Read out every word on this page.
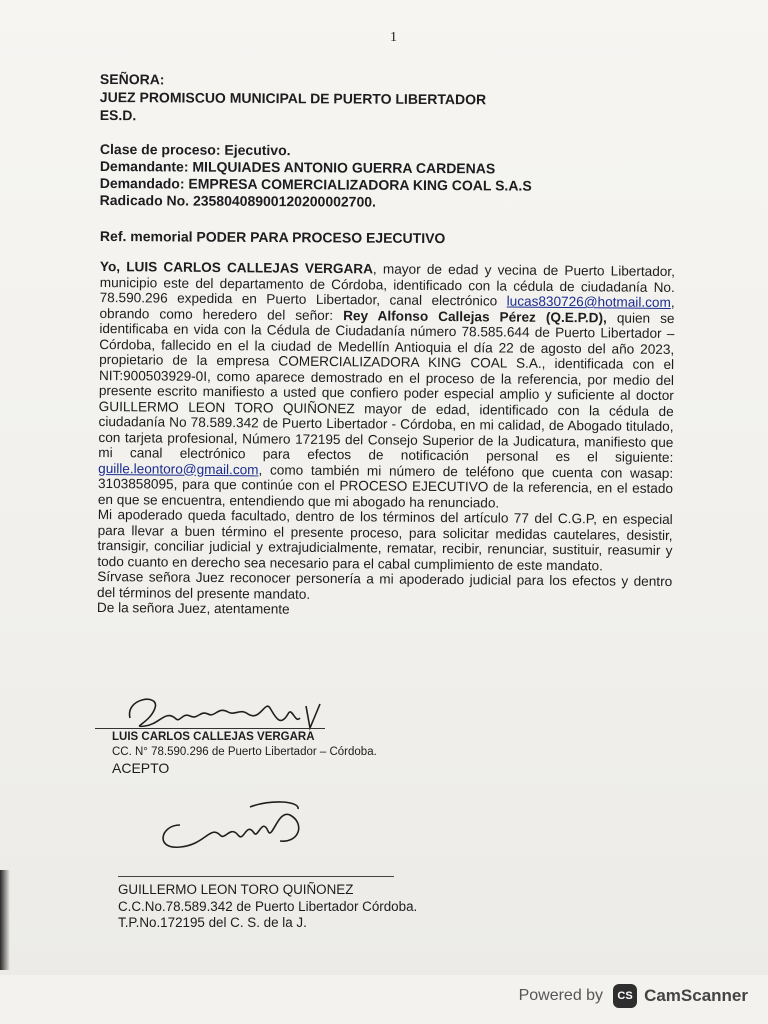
1
SEÑORA:
JUEZ PROMISCUO MUNICIPAL DE PUERTO LIBERTADOR
ES.D.
Clase de proceso: Ejecutivo.
Demandante: MILQUIADES ANTONIO GUERRA CARDENAS
Demandado: EMPRESA COMERCIALIZADORA KING COAL S.A.S
Radicado No. 23580408900120200002700.
Ref. memorial PODER PARA PROCESO EJECUTIVO

Yo, LUIS CARLOS CALLEJAS VERGARA, mayor de edad y vecina de Puerto Libertador, municipio este del departamento de Córdoba, identificado con la cédula de ciudadanía No. 78.590.296 expedida en Puerto Libertador, canal electrónico lucas830726@hotmail.com, obrando como heredero del señor: Rey Alfonso Callejas Pérez (Q.E.P.D), quien se identificaba en vida con la Cédula de Ciudadanía número 78.585.644 de Puerto Libertador – Córdoba, fallecido en el la ciudad de Medellín Antioquia el día 22 de agosto del año 2023, propietario de la empresa COMERCIALIZADORA KING COAL S.A., identificada con el NIT:900503929-0I, como aparece demostrado en el proceso de la referencia, por medio del presente escrito manifiesto a usted que confiero poder especial amplio y suficiente al doctor GUILLERMO LEON TORO QUIÑONEZ mayor de edad, identificado con la cédula de ciudadanía No 78.589.342 de Puerto Libertador - Córdoba, en mi calidad, de Abogado titulado, con tarjeta profesional, Número 172195 del Consejo Superior de la Judicatura, manifiesto que mi canal electrónico para efectos de notificación personal es el siguiente: guille.leontoro@gmail.com, como también mi número de teléfono que cuenta con wasap: 3103858095, para que continúe con el PROCESO EJECUTIVO de la referencia, en el estado en que se encuentra, entendiendo que mi abogado ha renunciado.

Mi apoderado queda facultado, dentro de los términos del artículo 77 del C.G.P, en especial para llevar a buen término el presente proceso, para solicitar medidas cautelares, desistir, transigir, conciliar judicial y extrajudicialmente, rematar, recibir, renunciar, sustituir, reasumir y todo cuanto en derecho sea necesario para el cabal cumplimiento de este mandato.

Sírvase señora Juez reconocer personería a mi apoderado judicial para los efectos y dentro del términos del presente mandato.

De la señora Juez, atentamente

LUIS CARLOS CALLEJAS VERGARA
CC. N° 78.590.296 de Puerto Libertador – Córdoba.
ACEPTO
GUILLERMO LEON TORO QUIÑONEZ
C.C.No.78.589.342 de Puerto Libertador Córdoba.
T.P.No.172195 del C. S. de la J.
Powered by	CS CamScanner
